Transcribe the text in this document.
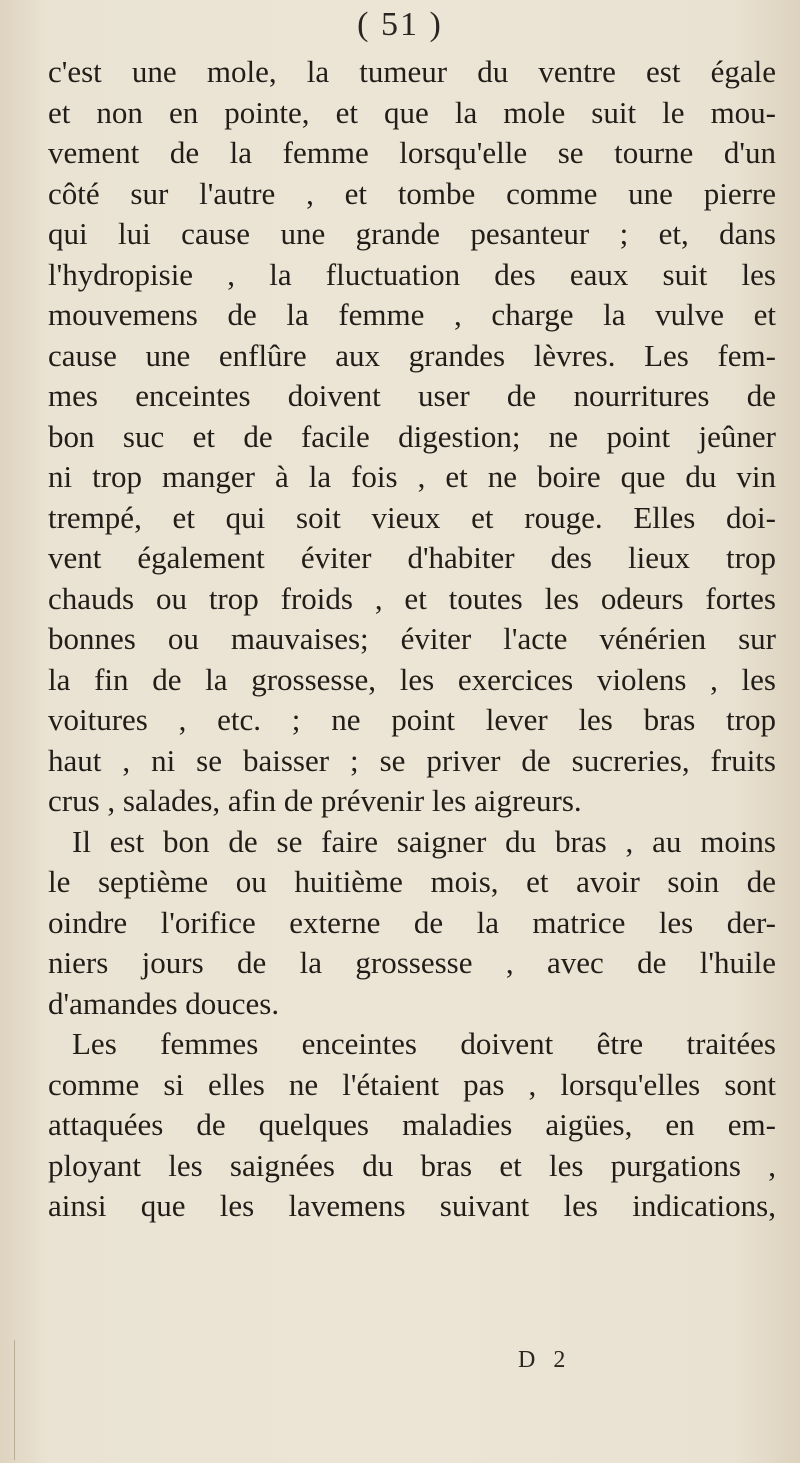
( 51 )
c'est une mole, la tumeur du ventre est égale
et non en pointe, et que la mole suit le mou-
vement de la femme lorsqu'elle se tourne d'un
côté sur l'autre , et tombe comme une pierre
qui lui cause une grande pesanteur ; et, dans
l'hydropisie , la fluctuation des eaux suit les
mouvemens de la femme , charge la vulve et
cause une enflûre aux grandes lèvres. Les fem-
mes enceintes doivent user de nourritures de
bon suc et de facile digestion; ne point jeûner
ni trop manger à la fois , et ne boire que du vin
trempé, et qui soit vieux et rouge. Elles doi-
vent également éviter d'habiter des lieux trop
chauds ou trop froids , et toutes les odeurs fortes
bonnes ou mauvaises; éviter l'acte vénérien sur
la fin de la grossesse, les exercices violens , les
voitures , etc. ; ne point lever les bras trop
haut , ni se baisser ; se priver de sucreries, fruits
crus , salades, afin de prévenir les aigreurs.
Il est bon de se faire saigner du bras , au moins
le septième ou huitième mois, et avoir soin de
oindre l'orifice externe de la matrice les der-
niers jours de la grossesse , avec de l'huile
d'amandes douces.
Les femmes enceintes doivent être traitées
comme si elles ne l'étaient pas , lorsqu'elles sont
attaquées de quelques maladies aigües, en em-
ployant les saignées du bras et les purgations ,
ainsi que les lavemens suivant les indications,
D 2
